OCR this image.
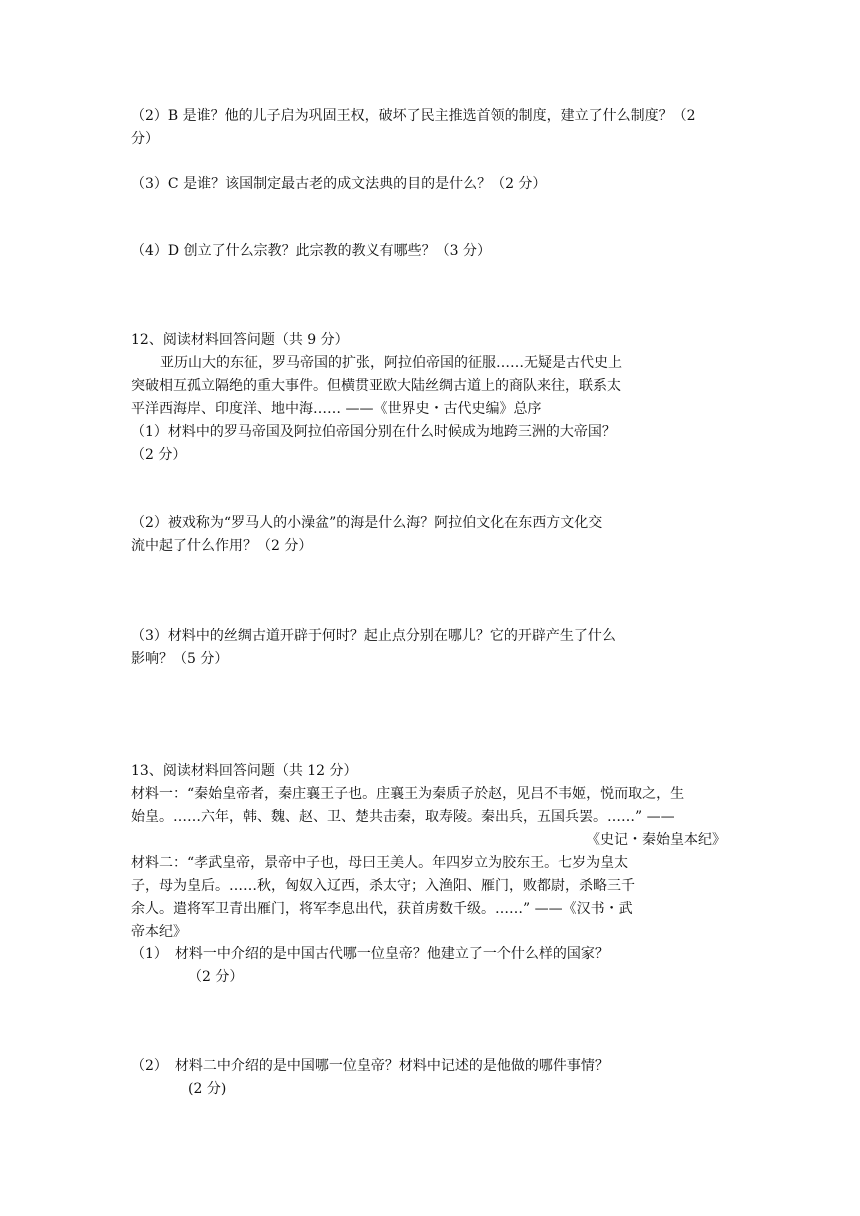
（2）B 是谁？他的儿子启为巩固王权，破坏了民主推选首领的制度，建立了什么制度？（2

分）

（3）C 是谁？该国制定最古老的成文法典的目的是什么？（2 分）

（4）D 创立了什么宗教？此宗教的教义有哪些？（3 分）

12、阅读材料回答问题（共 9 分）

亚历山大的东征，罗马帝国的扩张，阿拉伯帝国的征服……无疑是古代史上

突破相互孤立隔绝的重大事件。但横贯亚欧大陆丝绸古道上的商队来往，联系太

平洋西海岸、印度洋、地中海…… ——《世界史・古代史编》总序

（1）材料中的罗马帝国及阿拉伯帝国分别在什么时候成为地跨三洲的大帝国？

（2 分）

（2）被戏称为“罗马人的小澡盆”的海是什么海？阿拉伯文化在东西方文化交

流中起了什么作用？（2 分）

（3）材料中的丝绸古道开辟于何时？起止点分别在哪儿？它的开辟产生了什么

影响？（5 分）

13、阅读材料回答问题（共 12 分）

材料一：“秦始皇帝者，秦庄襄王子也。庄襄王为秦质子於赵，见吕不韦姬，悦而取之，生

始皇。……六年，韩、魏、赵、卫、楚共击秦，取寿陵。秦出兵，五国兵罢。……” ——

《史记・秦始皇本纪》

材料二：“孝武皇帝，景帝中子也，母曰王美人。年四岁立为胶东王。七岁为皇太

子，母为皇后。……秋，匈奴入辽西，杀太守；入渔阳、雁门，败都尉，杀略三千

余人。遣将军卫青出雁门，将军李息出代，获首虏数千级。……” ——《汉书・武

帝本纪》

（1）　材料一中介绍的是中国古代哪一位皇帝？他建立了一个什么样的国家？

（2 分）

（2）　材料二中介绍的是中国哪一位皇帝？材料中记述的是他做的哪件事情？

(2 分)
